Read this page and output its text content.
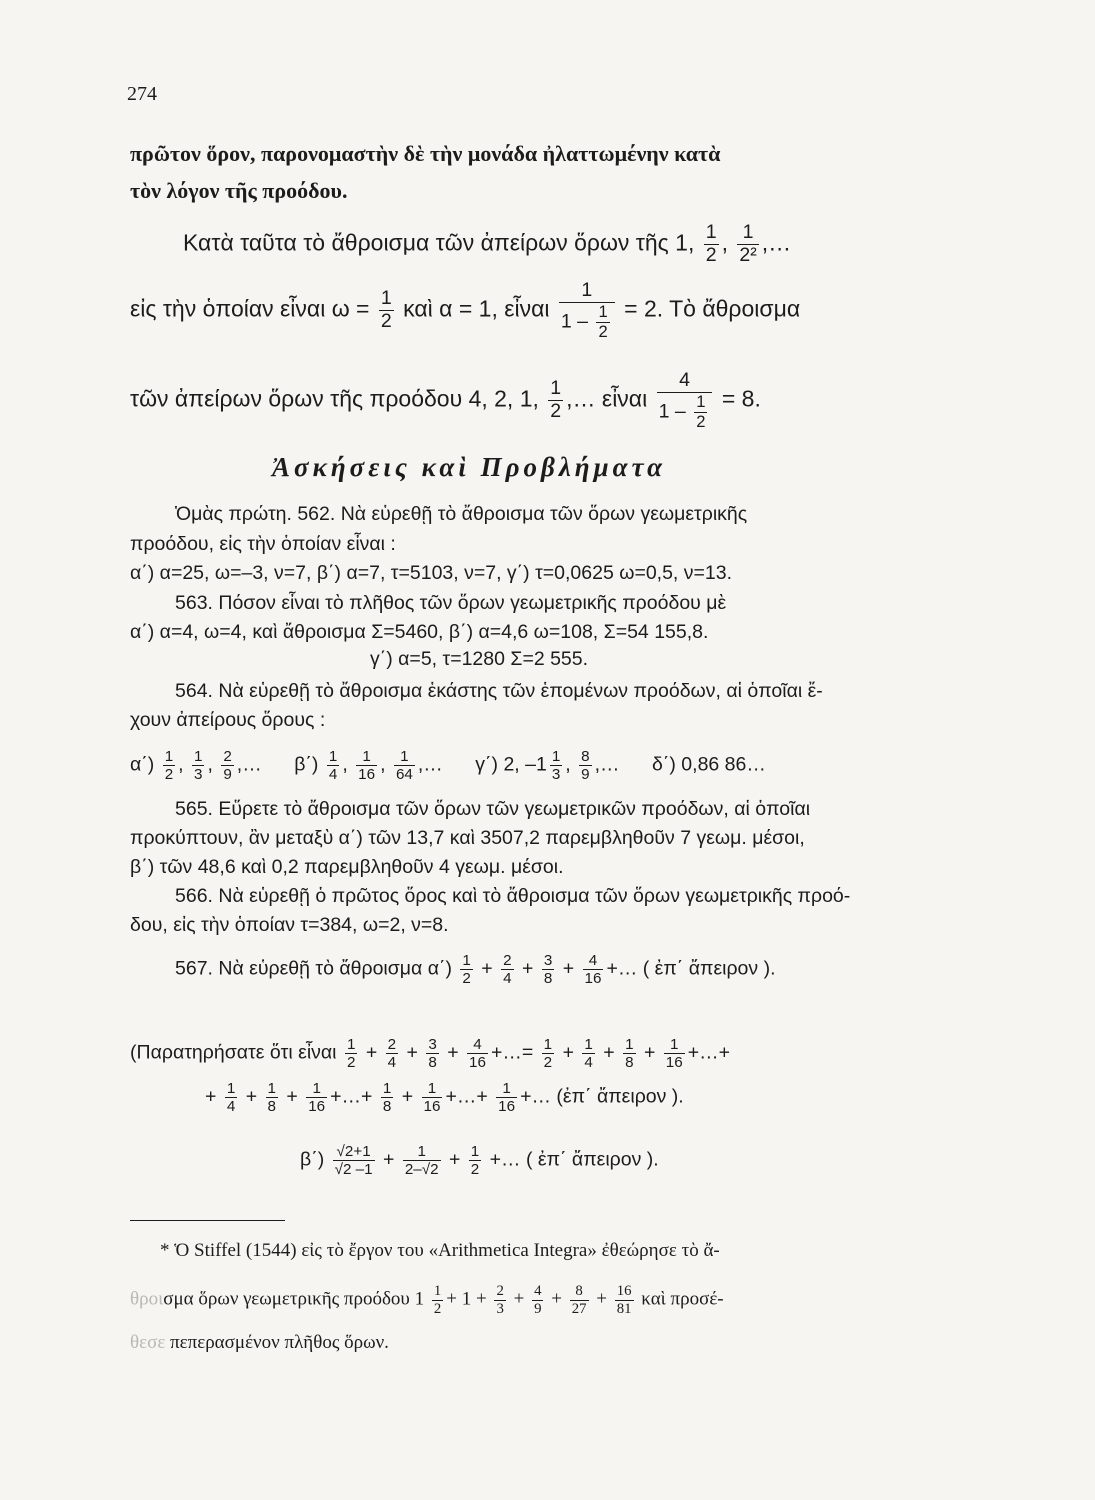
274
πρῶτον ὅρον, παρονομαστὴν δὲ τὴν μονάδα ἠλαττωμένην κατὰ
τὸν λόγον τῆς προόδου.
Κατὰ ταῦτα τὸ ἄθροισμα τῶν ἀπείρων ὅρων τῆς 1, $\frac{1}{2}$ , $\frac{1}{\text{2²}}$ ,…
εἰς τὴν ὁποίαν εἶναι $\omega = \frac{1}{2}$ καὶ α = 1, εἶναι $\frac{1}{1 - \frac{1}{2}} = 2$. Τὸ ἄθροισμα
τῶν ἀπείρων ὅρων τῆς προόδου 4, 2, 1, $\frac{1}{2}$ ,… εἶναι $\frac{4}{1 - \frac{1}{2}} = 8$.
Ἀσκήσεις καὶ Προβλήματα
Ὁμὰς πρώτη. 562. Νὰ εὑρεθῇ τὸ ἄθροισμα τῶν ὅρων γεωμετρικῆς
προόδου, εἰς τὴν ὁποίαν εἶναι :
α΄) α=25, ω=–3, ν=7, β΄) α=7, τ=5103, ν=7, γ΄) τ=0,0625 ω=0,5, ν=13.
563. Πόσον εἶναι τὸ πλῆθος τῶν ὅρων γεωμετρικῆς προόδου μὲ
α΄) α=4, ω=4, καὶ ἄθροισμα Σ=5460, β΄) α=4,6 ω=108, Σ=54 155,8.
γ΄) α=5, τ=1280 Σ=2 555.
564. Νὰ εὑρεθῇ τὸ ἄθροισμα ἑκάστης τῶν ἑπομένων προόδων, αἱ ὁποῖαι ἔ-
χουν ἀπείρους ὅρους :
$\alpha΄) \frac{1}{2}$ , $\frac{1}{3}$ , $\frac{2}{9}$ ,… $\beta΄) \frac{1}{4}$ , $\frac{1}{16}$ , $\frac{1}{64}$ ,… γ΄) 2, $-1 \frac{1}{3}$ , $\frac{8}{9}$ ,… δ΄) 0,86 86…
565. Εὕρετε τὸ ἄθροισμα τῶν ὅρων τῶν γεωμετρικῶν προόδων, αἱ ὁποῖαι
προκύπτουν, ἂν μεταξὺ α΄) τῶν 13,7 καὶ 3507,2 παρεμβληθοῦν 7 γεωμ. μέσοι,
β΄) τῶν 48,6 καὶ 0,2 παρεμβληθοῦν 4 γεωμ. μέσοι.
566. Νὰ εὑρεθῇ ὁ πρῶτος ὅρος καὶ τὸ ἄθροισμα τῶν ὅρων γεωμετρικῆς προό-
δου, εἰς τὴν ὁποίαν τ=384, ω=2, ν=8.
567. Νὰ εὑρεθῇ τὸ ἄθροισμα $\alpha΄) \frac{1}{2} + \frac{2}{4} + \frac{3}{8} + \frac{4}{16}$ +… ( ἐπ΄ ἄπειρον ).
(Παρατηρήσατε ὅτι εἶναι $\frac{1}{2} + \frac{2}{4} + \frac{3}{8} + \frac{4}{16}$ +…= $\frac{1}{2} + \frac{1}{4} + \frac{1}{8} + \frac{1}{16}$ +…+
+ $\frac{1}{4} + \frac{1}{8} + \frac{1}{16}$ +…+ $\frac{1}{8} + \frac{1}{16}$ +…+ $\frac{1}{16}$ +… (ἐπ΄ ἄπειρον ).
$\beta΄) \frac{√2+1}{√2 -1} + \frac{1}{2-√2} + \frac{1}{2}$ +… ( ἐπ΄ ἄπειρον ).
* Ὁ Stiffel (1544) εἰς τὸ ἔργον του «Arithmetica Integra» ἐθεώρησε τὸ ἄ-
θροισμα ὅρων γεωμετρικῆς προόδου $1 \frac{1}{2} + 1 + \frac{2}{3} + \frac{4}{9} + \frac{8}{27} + \frac{16}{81}$ καὶ προσέ-
θεσε πεπερασμένον πλῆθος ὅρων.
